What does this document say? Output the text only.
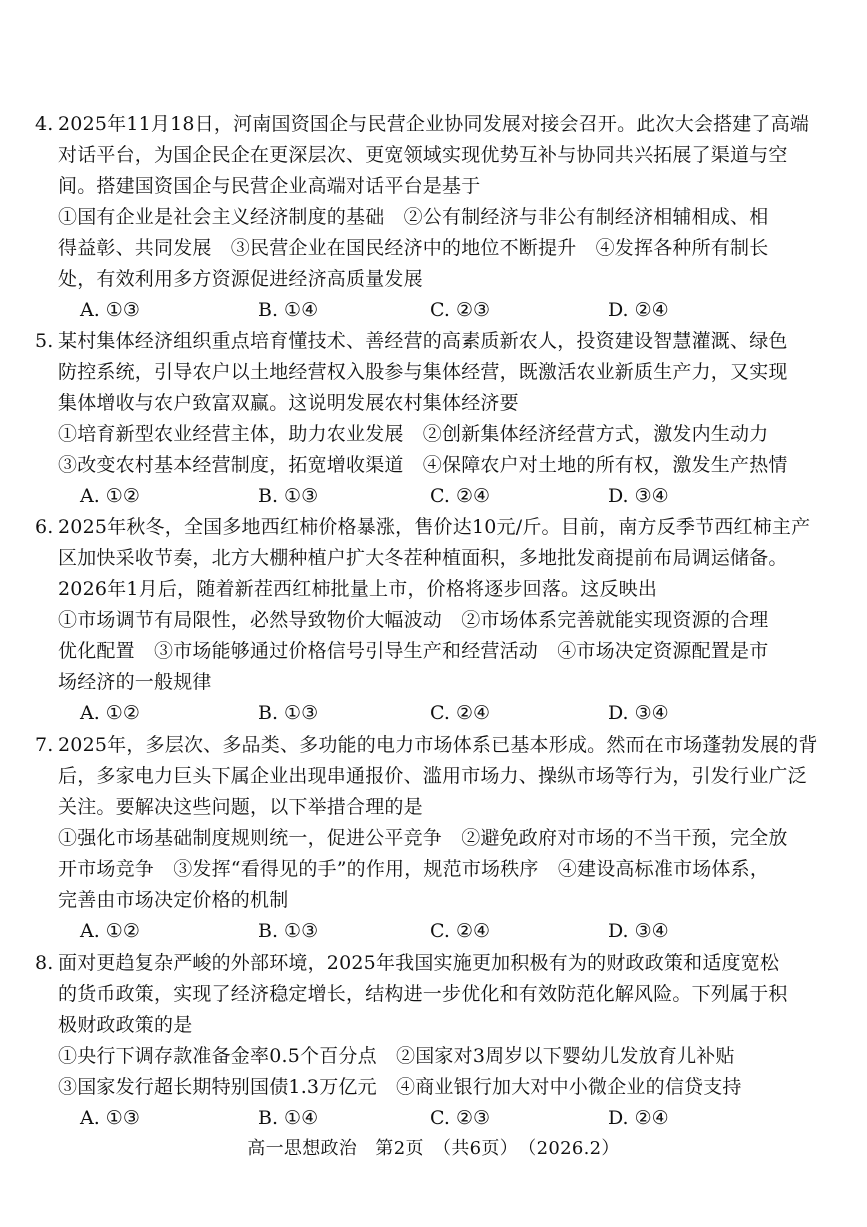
4. 2025年11月18日，河南国资国企与民营企业协同发展对接会召开。此次大会搭建了高端
对话平台，为国企民企在更深层次、更宽领域实现优势互补与协同共兴拓展了渠道与空
间。搭建国资国企与民营企业高端对话平台是基于
①国有企业是社会主义经济制度的基础　②公有制经济与非公有制经济相辅相成、相
得益彰、共同发展　③民营企业在国民经济中的地位不断提升　④发挥各种所有制长
处，有效利用多方资源促进经济高质量发展
A. ①③	B. ①④	C. ②③	D. ②④
5. 某村集体经济组织重点培育懂技术、善经营的高素质新农人，投资建设智慧灌溉、绿色
防控系统，引导农户以土地经营权入股参与集体经营，既激活农业新质生产力，又实现
集体增收与农户致富双赢。这说明发展农村集体经济要
①培育新型农业经营主体，助力农业发展　②创新集体经济经营方式，激发内生动力
③改变农村基本经营制度，拓宽增收渠道　④保障农户对土地的所有权，激发生产热情
A. ①②	B. ①③	C. ②④	D. ③④
6. 2025年秋冬，全国多地西红柿价格暴涨，售价达10元/斤。目前，南方反季节西红柿主产
区加快采收节奏，北方大棚种植户扩大冬茬种植面积，多地批发商提前布局调运储备。
2026年1月后，随着新茬西红柿批量上市，价格将逐步回落。这反映出
①市场调节有局限性，必然导致物价大幅波动　②市场体系完善就能实现资源的合理
优化配置　③市场能够通过价格信号引导生产和经营活动　④市场决定资源配置是市
场经济的一般规律
A. ①②	B. ①③	C. ②④	D. ③④
7. 2025年，多层次、多品类、多功能的电力市场体系已基本形成。然而在市场蓬勃发展的背
后，多家电力巨头下属企业出现串通报价、滥用市场力、操纵市场等行为，引发行业广泛
关注。要解决这些问题，以下举措合理的是
①强化市场基础制度规则统一，促进公平竞争　②避免政府对市场的不当干预，完全放
开市场竞争　③发挥“看得见的手”的作用，规范市场秩序　④建设高标准市场体系，
完善由市场决定价格的机制
A. ①②	B. ①③	C. ②④	D. ③④
8. 面对更趋复杂严峻的外部环境，2025年我国实施更加积极有为的财政政策和适度宽松
的货币政策，实现了经济稳定增长，结构进一步优化和有效防范化解风险。下列属于积
极财政政策的是
①央行下调存款准备金率0.5个百分点　②国家对3周岁以下婴幼儿发放育儿补贴
③国家发行超长期特别国债1.3万亿元　④商业银行加大对中小微企业的信贷支持
A. ①③	B. ①④	C. ②③	D. ②④
高一思想政治　第2页　（共6页）　（2026.2）
